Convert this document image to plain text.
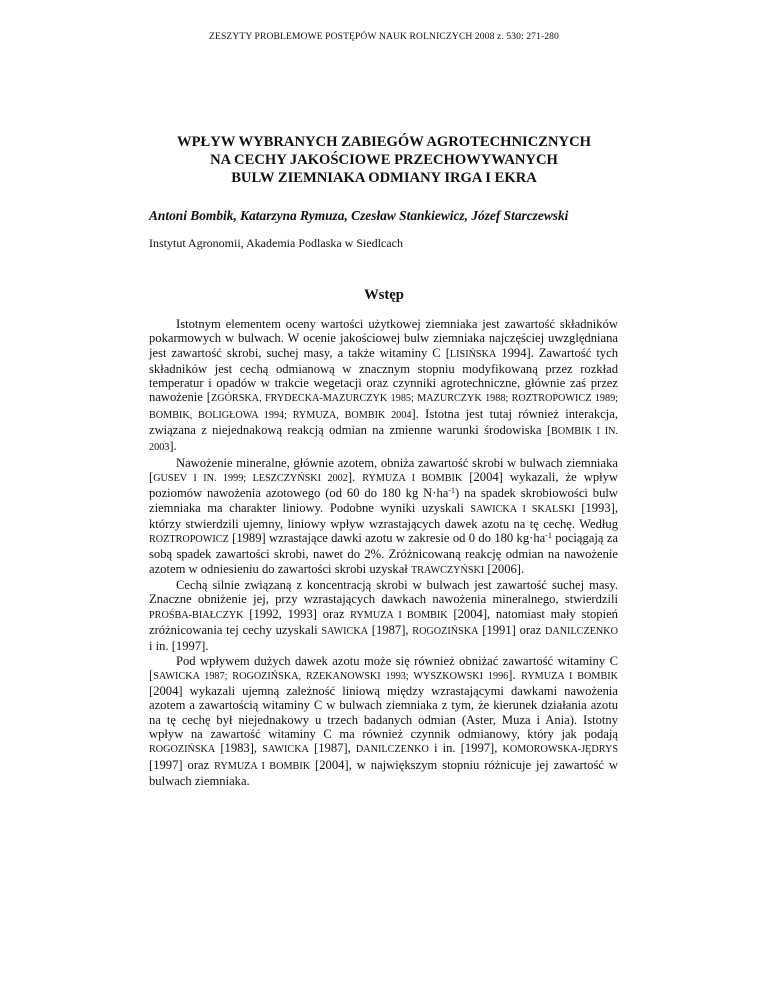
ZESZYTY PROBLEMOWE POSTĘPÓW NAUK ROLNICZYCH 2008 z. 530: 271-280
WPŁYW WYBRANYCH ZABIEGÓW AGROTECHNICZNYCH
NA CECHY JAKOŚCIOWE PRZECHOWYWANYCH
BULW ZIEMNIAKA ODMIANY IRGA I EKRA
Antoni Bombik, Katarzyna Rymuza, Czesław Stankiewicz, Józef Starczewski
Instytut Agronomii, Akademia Podlaska w Siedlcach
Wstęp

Istotnym elementem oceny wartości użytkowej ziemniaka jest zawartość składników pokarmowych w bulwach. W ocenie jakościowej bulw ziemniaka najczęściej uwzględniana jest zawartość skrobi, suchej masy, a także witaminy C [LISIŃSKA 1994]. Zawartość tych składników jest cechą odmianową w znacznym stopniu modyfikowaną przez rozkład temperatur i opadów w trakcie wegetacji oraz czynniki agrotechniczne, głównie zaś przez nawożenie [ZGÓRSKA, FRYDECKA-MAZURCZYK 1985; MAZURCZYK 1988; ROZTROPOWICZ 1989; BOMBIK, BOLIGŁOWA 1994; RYMUZA, BOMBIK 2004]. Istotna jest tutaj również interakcja, związana z niejednakową reakcją odmian na zmienne warunki środowiska [BOMBIK I IN. 2003].

Nawożenie mineralne, głównie azotem, obniża zawartość skrobi w bulwach ziemniaka [GUSEV I IN. 1999; LESZCZYŃSKI 2002]. RYMUZA I BOMBIK [2004] wykazali, że wpływ poziomów nawożenia azotowego (od 60 do 180 kg $N\cdot ha^{-1}$) na spadek skrobiowości bulw ziemniaka ma charakter liniowy. Podobne wyniki uzyskali SAWICKA I SKALSKI [1993], którzy stwierdzili ujemny, liniowy wpływ wzrastających dawek azotu na tę cechę. Według ROZTROPOWICZ [1989] wzrastające dawki azotu w zakresie od 0 do 180 $kg\cdot ha^{-1}$ pociągają za sobą spadek zawartości skrobi, nawet do 2%. Zróżnicowaną reakcję odmian na nawożenie azotem w odniesieniu do zawartości skrobi uzyskał TRAWCZYŃSKI [2006].

Cechą silnie związaną z koncentracją skrobi w bulwach jest zawartość suchej masy. Znaczne obniżenie jej, przy wzrastających dawkach nawożenia mineralnego, stwierdzili PROŚBA-BIAŁCZYK [1992, 1993] oraz RYMUZA I BOMBIK [2004], natomiast mały stopień zróżnicowania tej cechy uzyskali SAWICKA [1987], ROGOZIŃSKA [1991] oraz DANILCZENKO i in. [1997].

Pod wpływem dużych dawek azotu może się również obniżać zawartość witaminy C [SAWICKA 1987; ROGOZIŃSKA, RZEKANOWSKI 1993; WYSZKOWSKI 1996]. RYMUZA I BOMBIK [2004] wykazali ujemną zależność liniową między wzrastającymi dawkami nawożenia azotem a zawartością witaminy C w bulwach ziemniaka z tym, że kierunek działania azotu na tę cechę był niejednakowy u trzech badanych odmian (Aster, Muza i Ania). Istotny wpływ na zawartość witaminy C ma również czynnik odmianowy, który jak podają ROGOZIŃSKA [1983], SAWICKA [1987], DANILCZENKO i in. [1997], KOMOROWSKA-JĘDRYS [1997] oraz RYMUZA I BOMBIK [2004], w największym stopniu różnicuje jej zawartość w bulwach ziemniaka.
